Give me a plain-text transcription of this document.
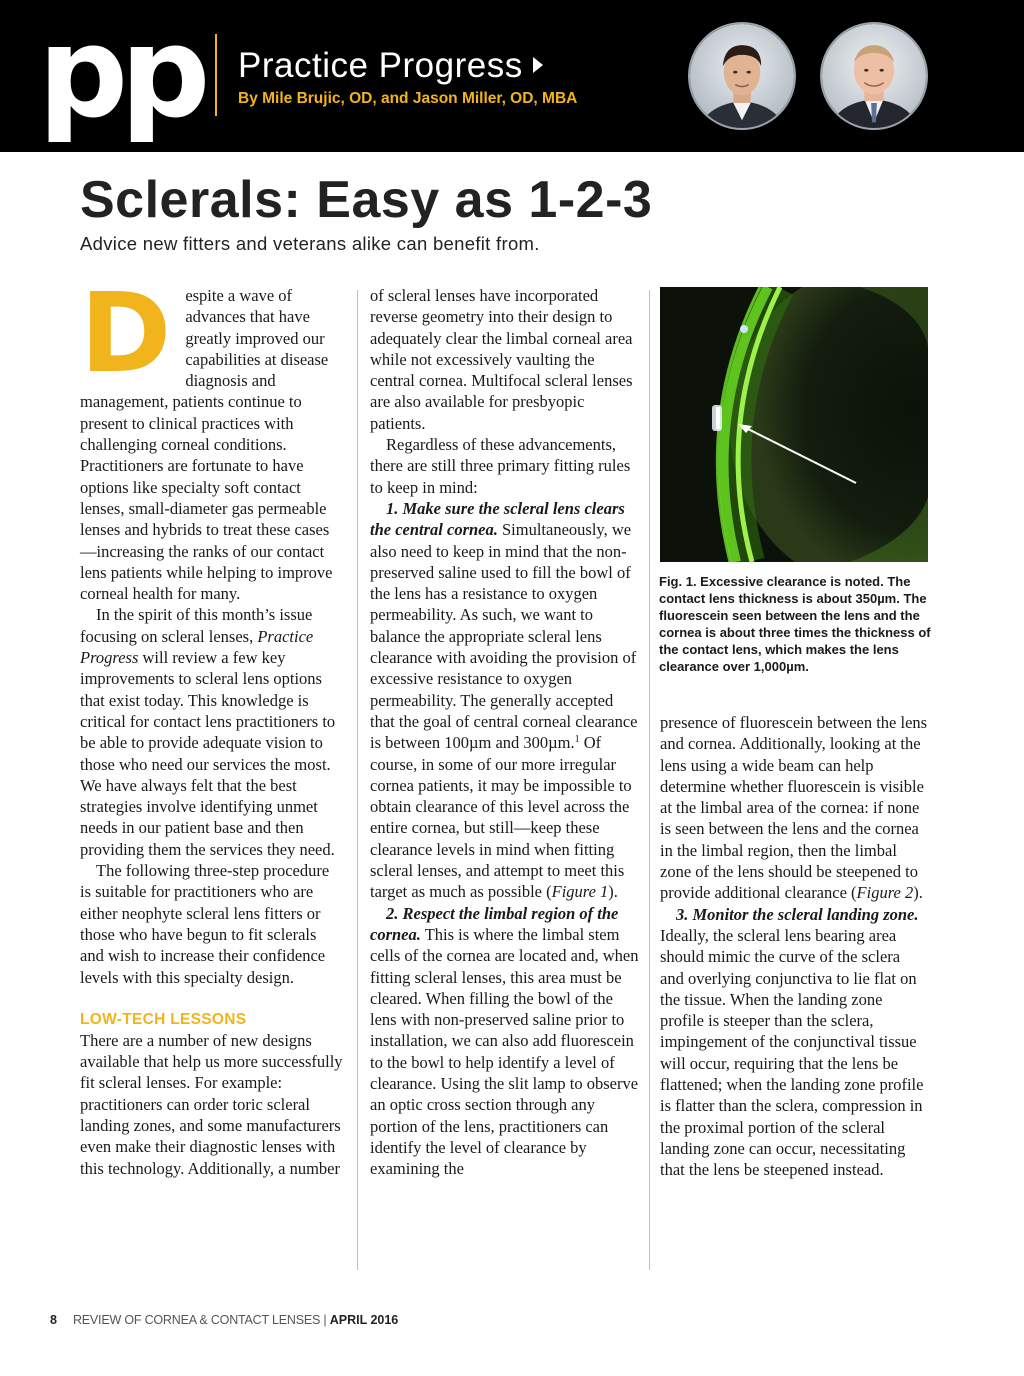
pp Practice Progress
By Mile Brujic, OD, and Jason Miller, OD, MBA
Sclerals: Easy as 1-2-3
Advice new fitters and veterans alike can benefit from.

Despite a wave of advances that have greatly improved our capabilities at disease diagnosis and management, patients continue to present to clinical practices with challenging corneal conditions. Practitioners are fortunate to have options like specialty soft contact lenses, small-diameter gas permeable lenses and hybrids to treat these cases—increasing the ranks of our contact lens patients while helping to improve corneal health for many.

In the spirit of this month’s issue focusing on scleral lenses, Practice Progress will review a few key improvements to scleral lens options that exist today. This knowledge is critical for contact lens practitioners to be able to provide adequate vision to those who need our services the most. We have always felt that the best strategies involve identifying unmet needs in our patient base and then providing them the services they need.

The following three-step procedure is suitable for practitioners who are either neophyte scleral lens fitters or those who have begun to fit sclerals and wish to increase their confidence levels with this specialty design.

LOW-TECH LESSONS

There are a number of new designs available that help us more successfully fit scleral lenses. For example: practitioners can order toric scleral landing zones, and some manufacturers even make their diagnostic lenses with this technology. Additionally, a number

of scleral lenses have incorporated reverse geometry into their design to adequately clear the limbal corneal area while not excessively vaulting the central cornea. Multifocal scleral lenses are also available for presbyopic patients.

Regardless of these advancements, there are still three primary fitting rules to keep in mind:

1. Make sure the scleral lens clears the central cornea. Simultaneously, we also need to keep in mind that the non-preserved saline used to fill the bowl of the lens has a resistance to oxygen permeability. As such, we want to balance the appropriate scleral lens clearance with avoiding the provision of excessive resistance to oxygen permeability. The generally accepted that the goal of central corneal clearance is between 100µm and 300µm.$^1$ Of course, in some of our more irregular cornea patients, it may be impossible to obtain clearance of this level across the entire cornea, but still—keep these clearance levels in mind when fitting scleral lenses, and attempt to meet this target as much as possible (Figure 1).

2. Respect the limbal region of the cornea. This is where the limbal stem cells of the cornea are located and, when fitting scleral lenses, this area must be cleared. When filling the bowl of the lens with non-preserved saline prior to installation, we can also add fluorescein to the bowl to help identify a level of clearance. Using the slit lamp to observe an optic cross section through any portion of the lens, practitioners can identify the level of clearance by examining the

Fig. 1. Excessive clearance is noted. The contact lens thickness is about 350µm. The fluorescein seen between the lens and the cornea is about three times the thickness of the contact lens, which makes the lens clearance over 1,000µm.

presence of fluorescein between the lens and cornea. Additionally, looking at the lens using a wide beam can help determine whether fluorescein is visible at the limbal area of the cornea: if none is seen between the lens and the cornea in the limbal region, then the limbal zone of the lens should be steepened to provide additional clearance (Figure 2).

3. Monitor the scleral landing zone. Ideally, the scleral lens bearing area should mimic the curve of the sclera and overlying conjunctiva to lie flat on the tissue. When the landing zone profile is steeper than the sclera, impingement of the conjunctival tissue will occur, requiring that the lens be flattened; when the landing zone profile is flatter than the sclera, compression in the proximal portion of the scleral landing zone can occur, necessitating that the lens be steepened instead.

8 REVIEW OF CORNEA & CONTACT LENSES | APRIL 2016
